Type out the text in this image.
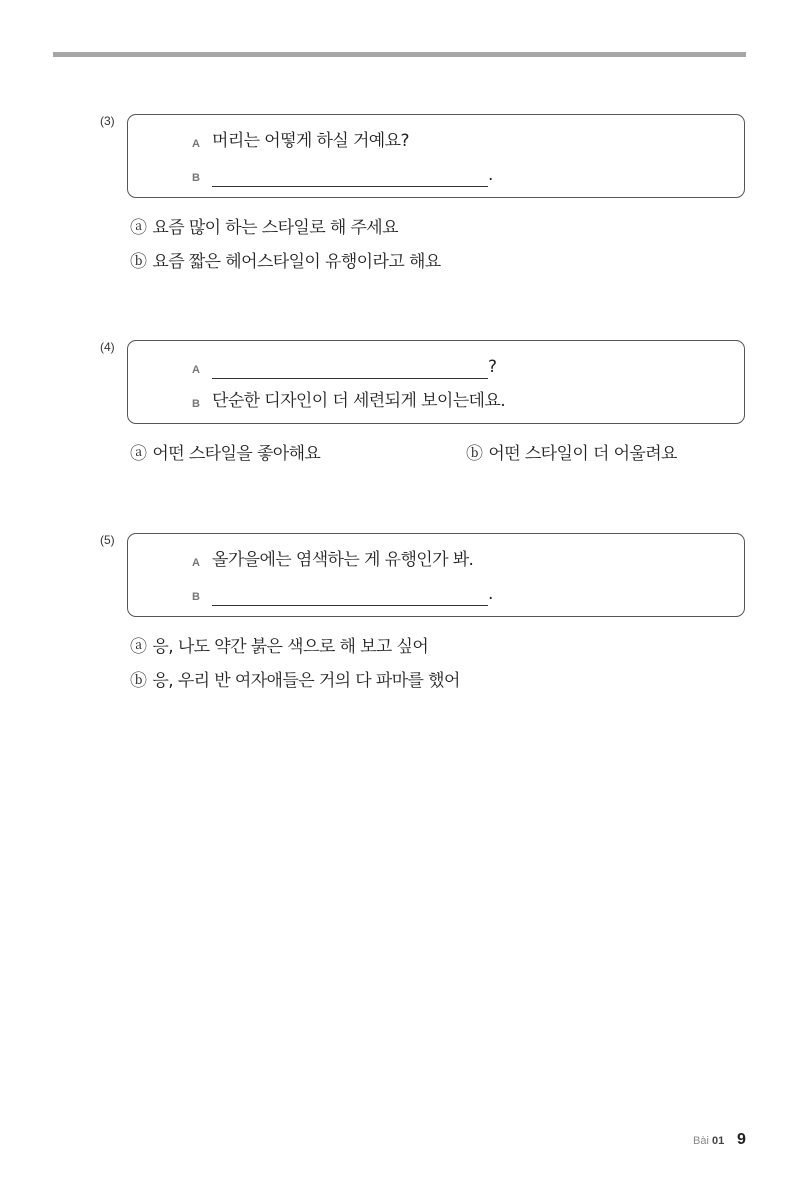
(3)
A 머리는 어떻게 하실 거예요?
B	.
ⓐ 요즘 많이 하는 스타일로 해 주세요
ⓑ 요즘 짧은 헤어스타일이 유행이라고 해요
(4)
A	?
B 단순한 디자인이 더 세련되게 보이는데요.
ⓐ 어떤 스타일을 좋아해요	ⓑ 어떤 스타일이 더 어울려요
(5)
A 올가을에는 염색하는 게 유행인가 봐.
B	.
ⓐ 응, 나도 약간 붉은 색으로 해 보고 싶어
ⓑ 응, 우리 반 여자애들은 거의 다 파마를 했어
Bài 01 9
